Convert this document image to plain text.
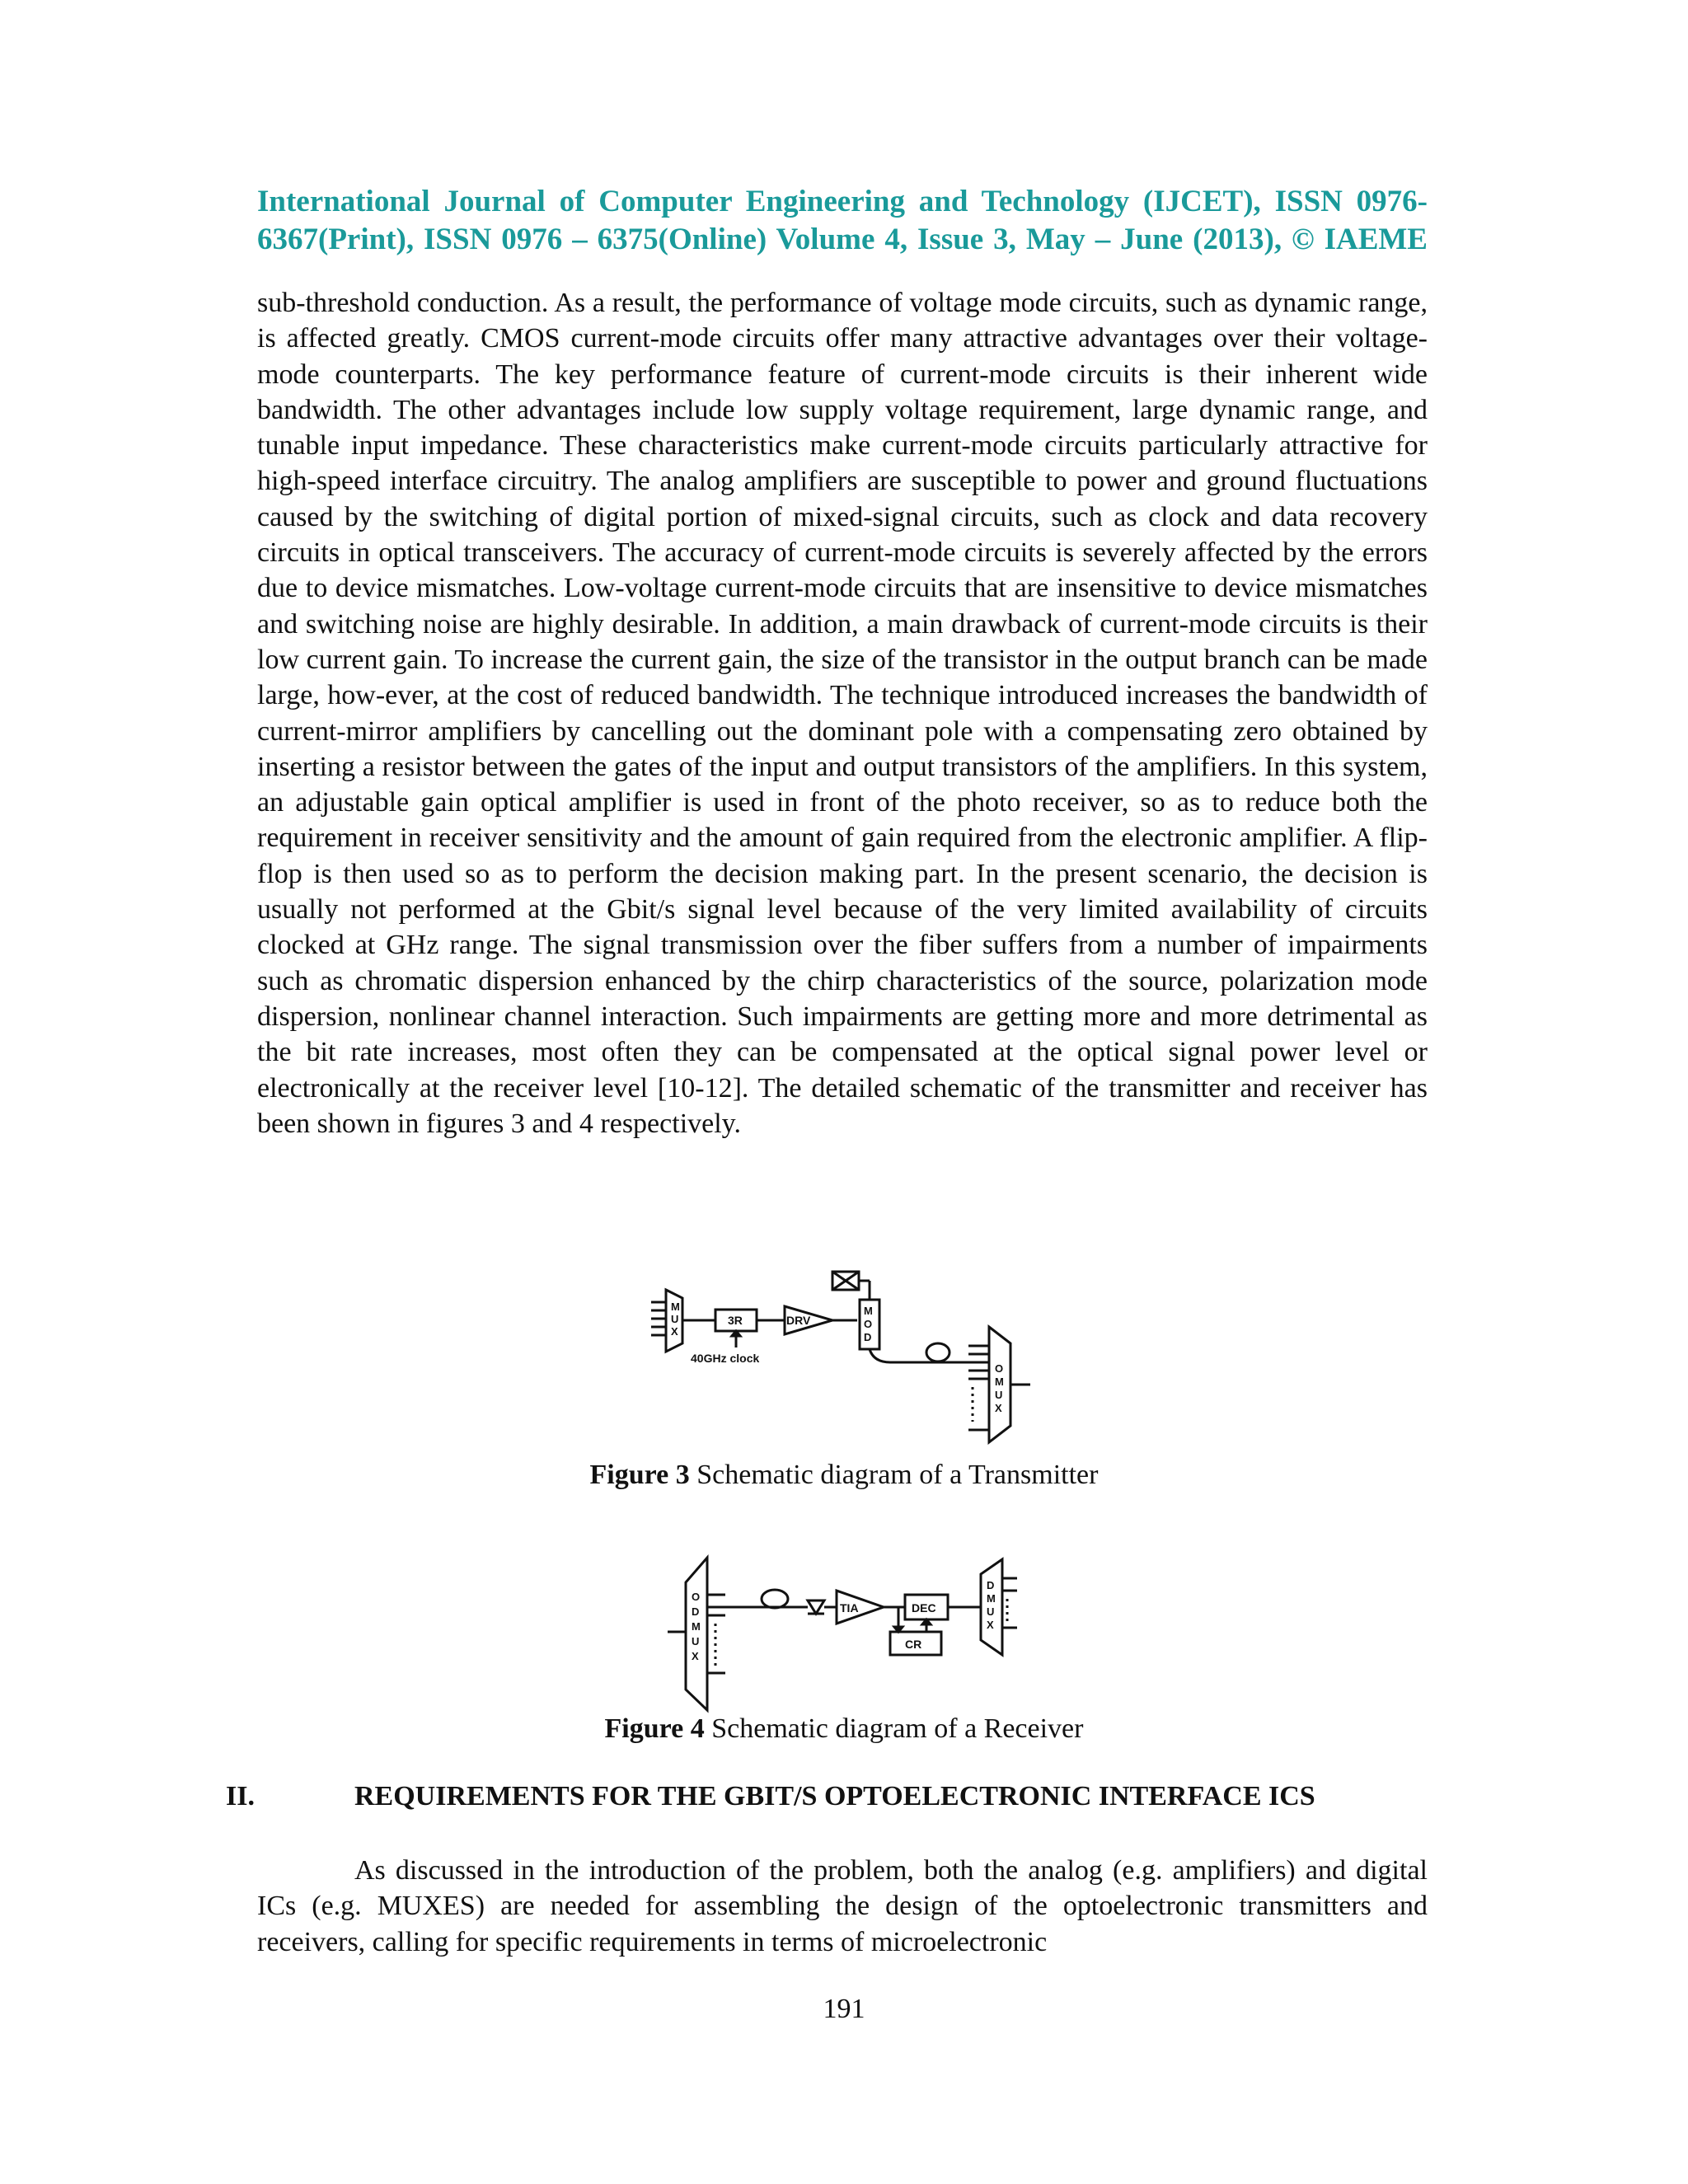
International Journal of Computer Engineering and Technology (IJCET), ISSN 0976-
6367(Print), ISSN 0976 – 6375(Online) Volume 4, Issue 3, May – June (2013), © IAEME

sub-threshold conduction. As a result, the performance of voltage mode circuits, such as dynamic range, is affected greatly. CMOS current-mode circuits offer many attractive advantages over their voltage-mode counterparts. The key performance feature of current-mode circuits is their inherent wide bandwidth. The other advantages include low supply voltage requirement, large dynamic range, and tunable input impedance. These characteristics make current-mode circuits particularly attractive for high-speed interface circuitry. The analog amplifiers are susceptible to power and ground fluctuations caused by the switching of digital portion of mixed-signal circuits, such as clock and data recovery circuits in optical transceivers. The accuracy of current-mode circuits is severely affected by the errors due to device mismatches. Low-voltage current-mode circuits that are insensitive to device mismatches and switching noise are highly desirable. In addition, a main drawback of current-mode circuits is their low current gain. To increase the current gain, the size of the transistor in the output branch can be made large, how-ever, at the cost of reduced bandwidth. The technique introduced increases the bandwidth of current-mirror amplifiers by cancelling out the dominant pole with a compensating zero obtained by inserting a resistor between the gates of the input and output transistors of the amplifiers. In this system, an adjustable gain optical amplifier is used in front of the photo receiver, so as to reduce both the requirement in receiver sensitivity and the amount of gain required from the electronic amplifier. A flip-flop is then used so as to perform the decision making part. In the present scenario, the decision is usually not performed at the Gbit/s signal level because of the very limited availability of circuits clocked at GHz range. The signal transmission over the fiber suffers from a number of impairments such as chromatic dispersion enhanced by the chirp characteristics of the source, polarization mode dispersion, nonlinear channel interaction. Such impairments are getting more and more detrimental as the bit rate increases, most often they can be compensated at the optical signal power level or electronically at the receiver level [10-12]. The detailed schematic of the transmitter and receiver has been shown in figures 3 and 4 respectively.

M
U
X
3R
40GHz clock
DRV
M
O
D
O
M
U
X

Figure 3 Schematic diagram of a Transmitter

O
D
M
U
X
TIA	DEC
CR
D
M
U
X

Figure 4 Schematic diagram of a Receiver

II.	REQUIREMENTS FOR THE GBIT/S OPTOELECTRONIC INTERFACE ICS

As discussed in the introduction of the problem, both the analog (e.g. amplifiers) and digital ICs (e.g. MUXES) are needed for assembling the design of the optoelectronic transmitters and receivers, calling for specific requirements in terms of microelectronic

191
